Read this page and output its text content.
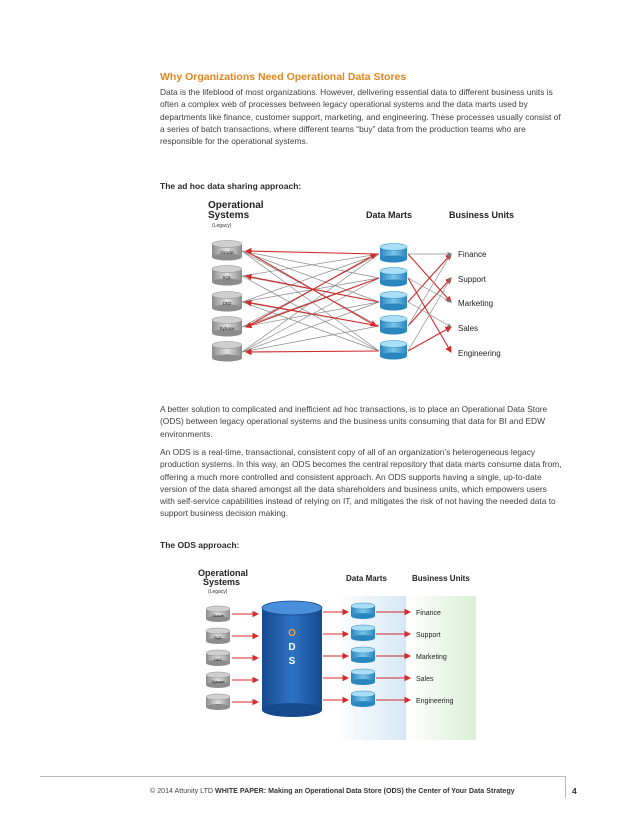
Why Organizations Need Operational Data Stores
Data is the lifeblood of most organizations. However, delivering essential data to different business units is often a complex web of processes between legacy operational systems and the data marts used by departments like finance, customer support, marketing, and engineering. These processes usually consist of a series of batch transactions, where different teams “buy” data from the production teams who are responsible for the operational systems.
The ad hoc data sharing approach:
Operational
Systems
(Legacy)
Data Marts	Business Units
Oracle
SQL
DB2
Sybase
...
Finance
Support
Marketing
Sales
Engineering
A better solution to complicated and inefficient ad hoc transactions, is to place an Operational Data Store (ODS) between legacy operational systems and the business units consuming that data for BI and EDW environments.
An ODS is a real-time, transactional, consistent copy of all of an organization’s heterogeneous legacy production systems. In this way, an ODS becomes the central repository that data marts consume data from, offering a much more controlled and consistent approach. An ODS supports having a single, up-to-date version of the data shared amongst all the data shareholders and business units, which empowers users with self-service capabilities instead of relying on IT, and mitigates the risk of not having the needed data to support business decision making.
The ODS approach:
Operational
Systems
(Legacy)
Data Marts	Business Units
Oracle
SQL
DB2
Sybase
...
O
D
S
Finance
Support
Marketing
Sales
Engineering
© 2014 Attunity LTD WHITE PAPER: Making an Operational Data Store (ODS) the Center of Your Data Strategy	4
